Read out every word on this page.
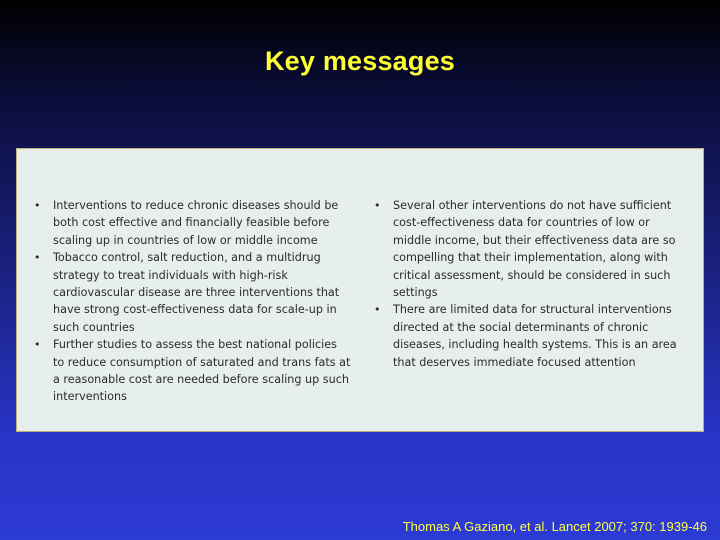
Key messages
• Interventions to reduce chronic diseases should be both cost effective and financially feasible before scaling up in countries of low or middle income
• Tobacco control, salt reduction, and a multidrug strategy to treat individuals with high-risk cardiovascular disease are three interventions that have strong cost-effectiveness data for scale-up in such countries
• Further studies to assess the best national policies to reduce consumption of saturated and trans fats at a reasonable cost are needed before scaling up such interventions
• Several other interventions do not have sufficient cost-effectiveness data for countries of low or middle income, but their effectiveness data are so compelling that their implementation, along with critical assessment, should be considered in such settings
• There are limited data for structural interventions directed at the social determinants of chronic diseases, including health systems. This is an area that deserves immediate focused attention
Thomas A Gaziano, et al. Lancet 2007; 370: 1939-46
